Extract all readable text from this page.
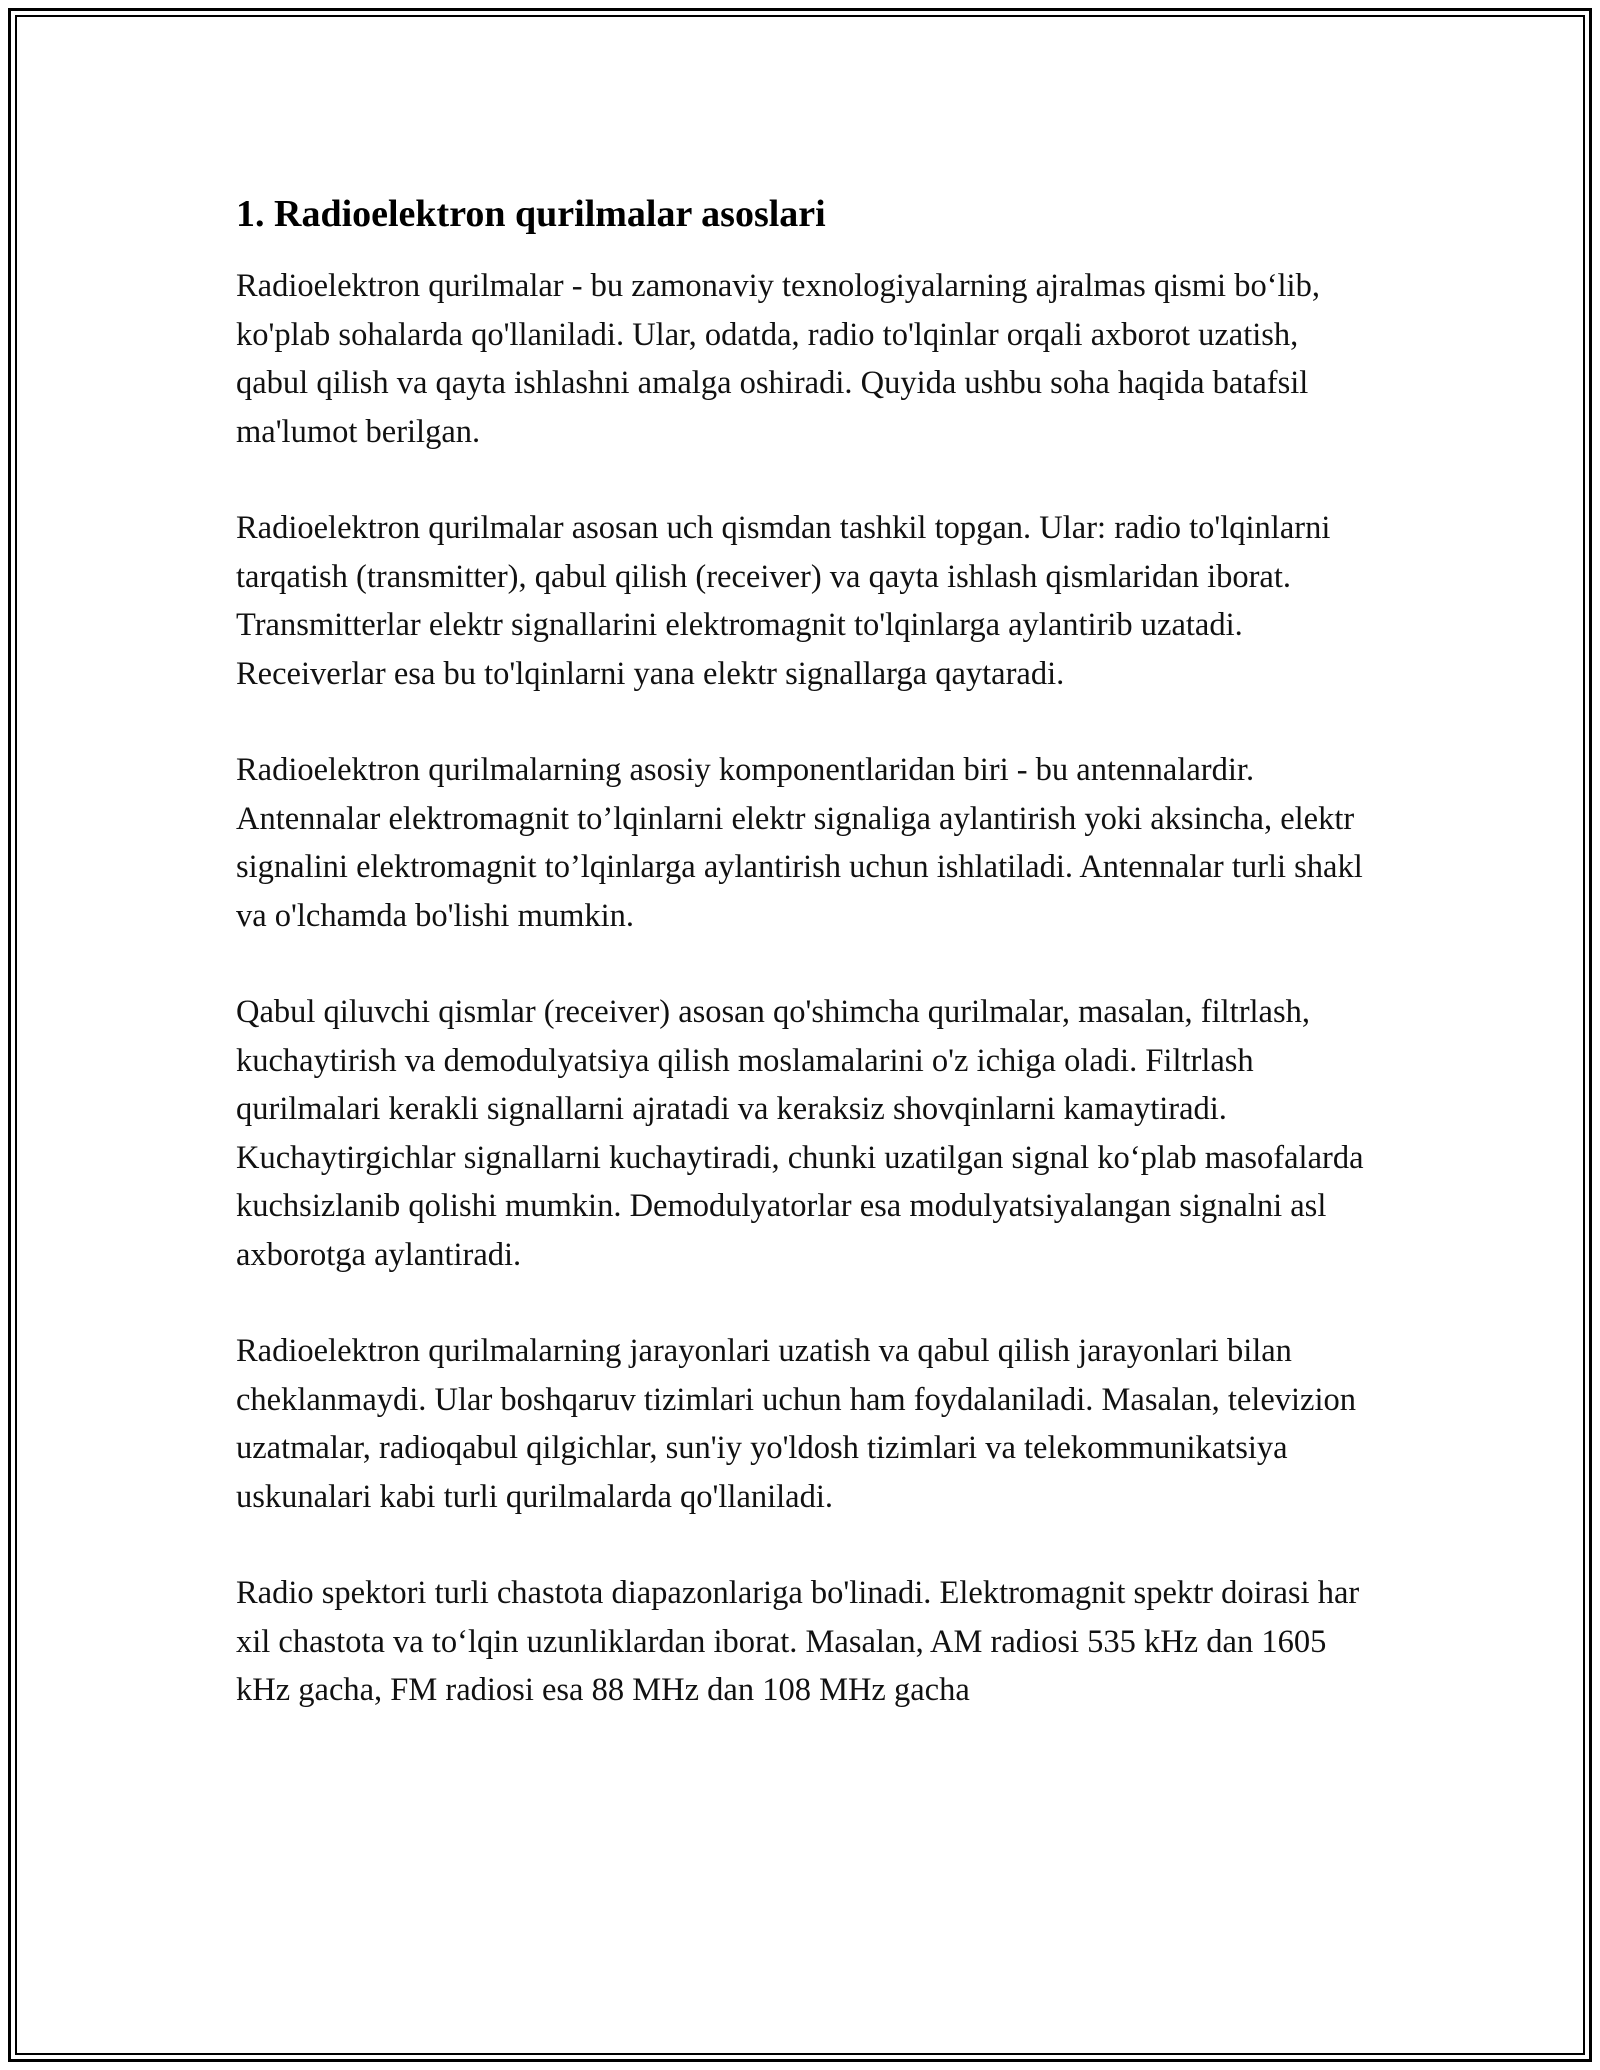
1. Radioelektron qurilmalar asoslari

Radioelektron qurilmalar - bu zamonaviy texnologiyalarning ajralmas qismi bo‘lib, ko'plab sohalarda qo'llaniladi. Ular, odatda, radio to'lqinlar orqali axborot uzatish, qabul qilish va qayta ishlashni amalga oshiradi. Quyida ushbu soha haqida batafsil ma'lumot berilgan.

Radioelektron qurilmalar asosan uch qismdan tashkil topgan. Ular: radio to'lqinlarni tarqatish (transmitter), qabul qilish (receiver) va qayta ishlash qismlaridan iborat. Transmitterlar elektr signallarini elektromagnit to'lqinlarga aylantirib uzatadi. Receiverlar esa bu to'lqinlarni yana elektr signallarga qaytaradi.

Radioelektron qurilmalarning asosiy komponentlaridan biri - bu antennalardir. Antennalar elektromagnit to’lqinlarni elektr signaliga aylantirish yoki aksincha, elektr signalini elektromagnit to’lqinlarga aylantirish uchun ishlatiladi. Antennalar turli shakl va o'lchamda bo'lishi mumkin.

Qabul qiluvchi qismlar (receiver) asosan qo'shimcha qurilmalar, masalan, filtrlash, kuchaytirish va demodulyatsiya qilish moslamalarini o'z ichiga oladi. Filtrlash qurilmalari kerakli signallarni ajratadi va keraksiz shovqinlarni kamaytiradi. Kuchaytirgichlar signallarni kuchaytiradi, chunki uzatilgan signal ko‘plab masofalarda kuchsizlanib qolishi mumkin. Demodulyatorlar esa modulyatsiyalangan signalni asl axborotga aylantiradi.

Radioelektron qurilmalarning jarayonlari uzatish va qabul qilish jarayonlari bilan cheklanmaydi. Ular boshqaruv tizimlari uchun ham foydalaniladi. Masalan, televizion uzatmalar, radioqabul qilgichlar, sun'iy yo'ldosh tizimlari va telekommunikatsiya uskunalari kabi turli qurilmalarda qo'llaniladi.

Radio spektori turli chastota diapazonlariga bo'linadi. Elektromagnit spektr doirasi har xil chastota va to‘lqin uzunliklardan iborat. Masalan, AM radiosi 535 kHz dan 1605 kHz gacha, FM radiosi esa 88 MHz dan 108 MHz gacha
